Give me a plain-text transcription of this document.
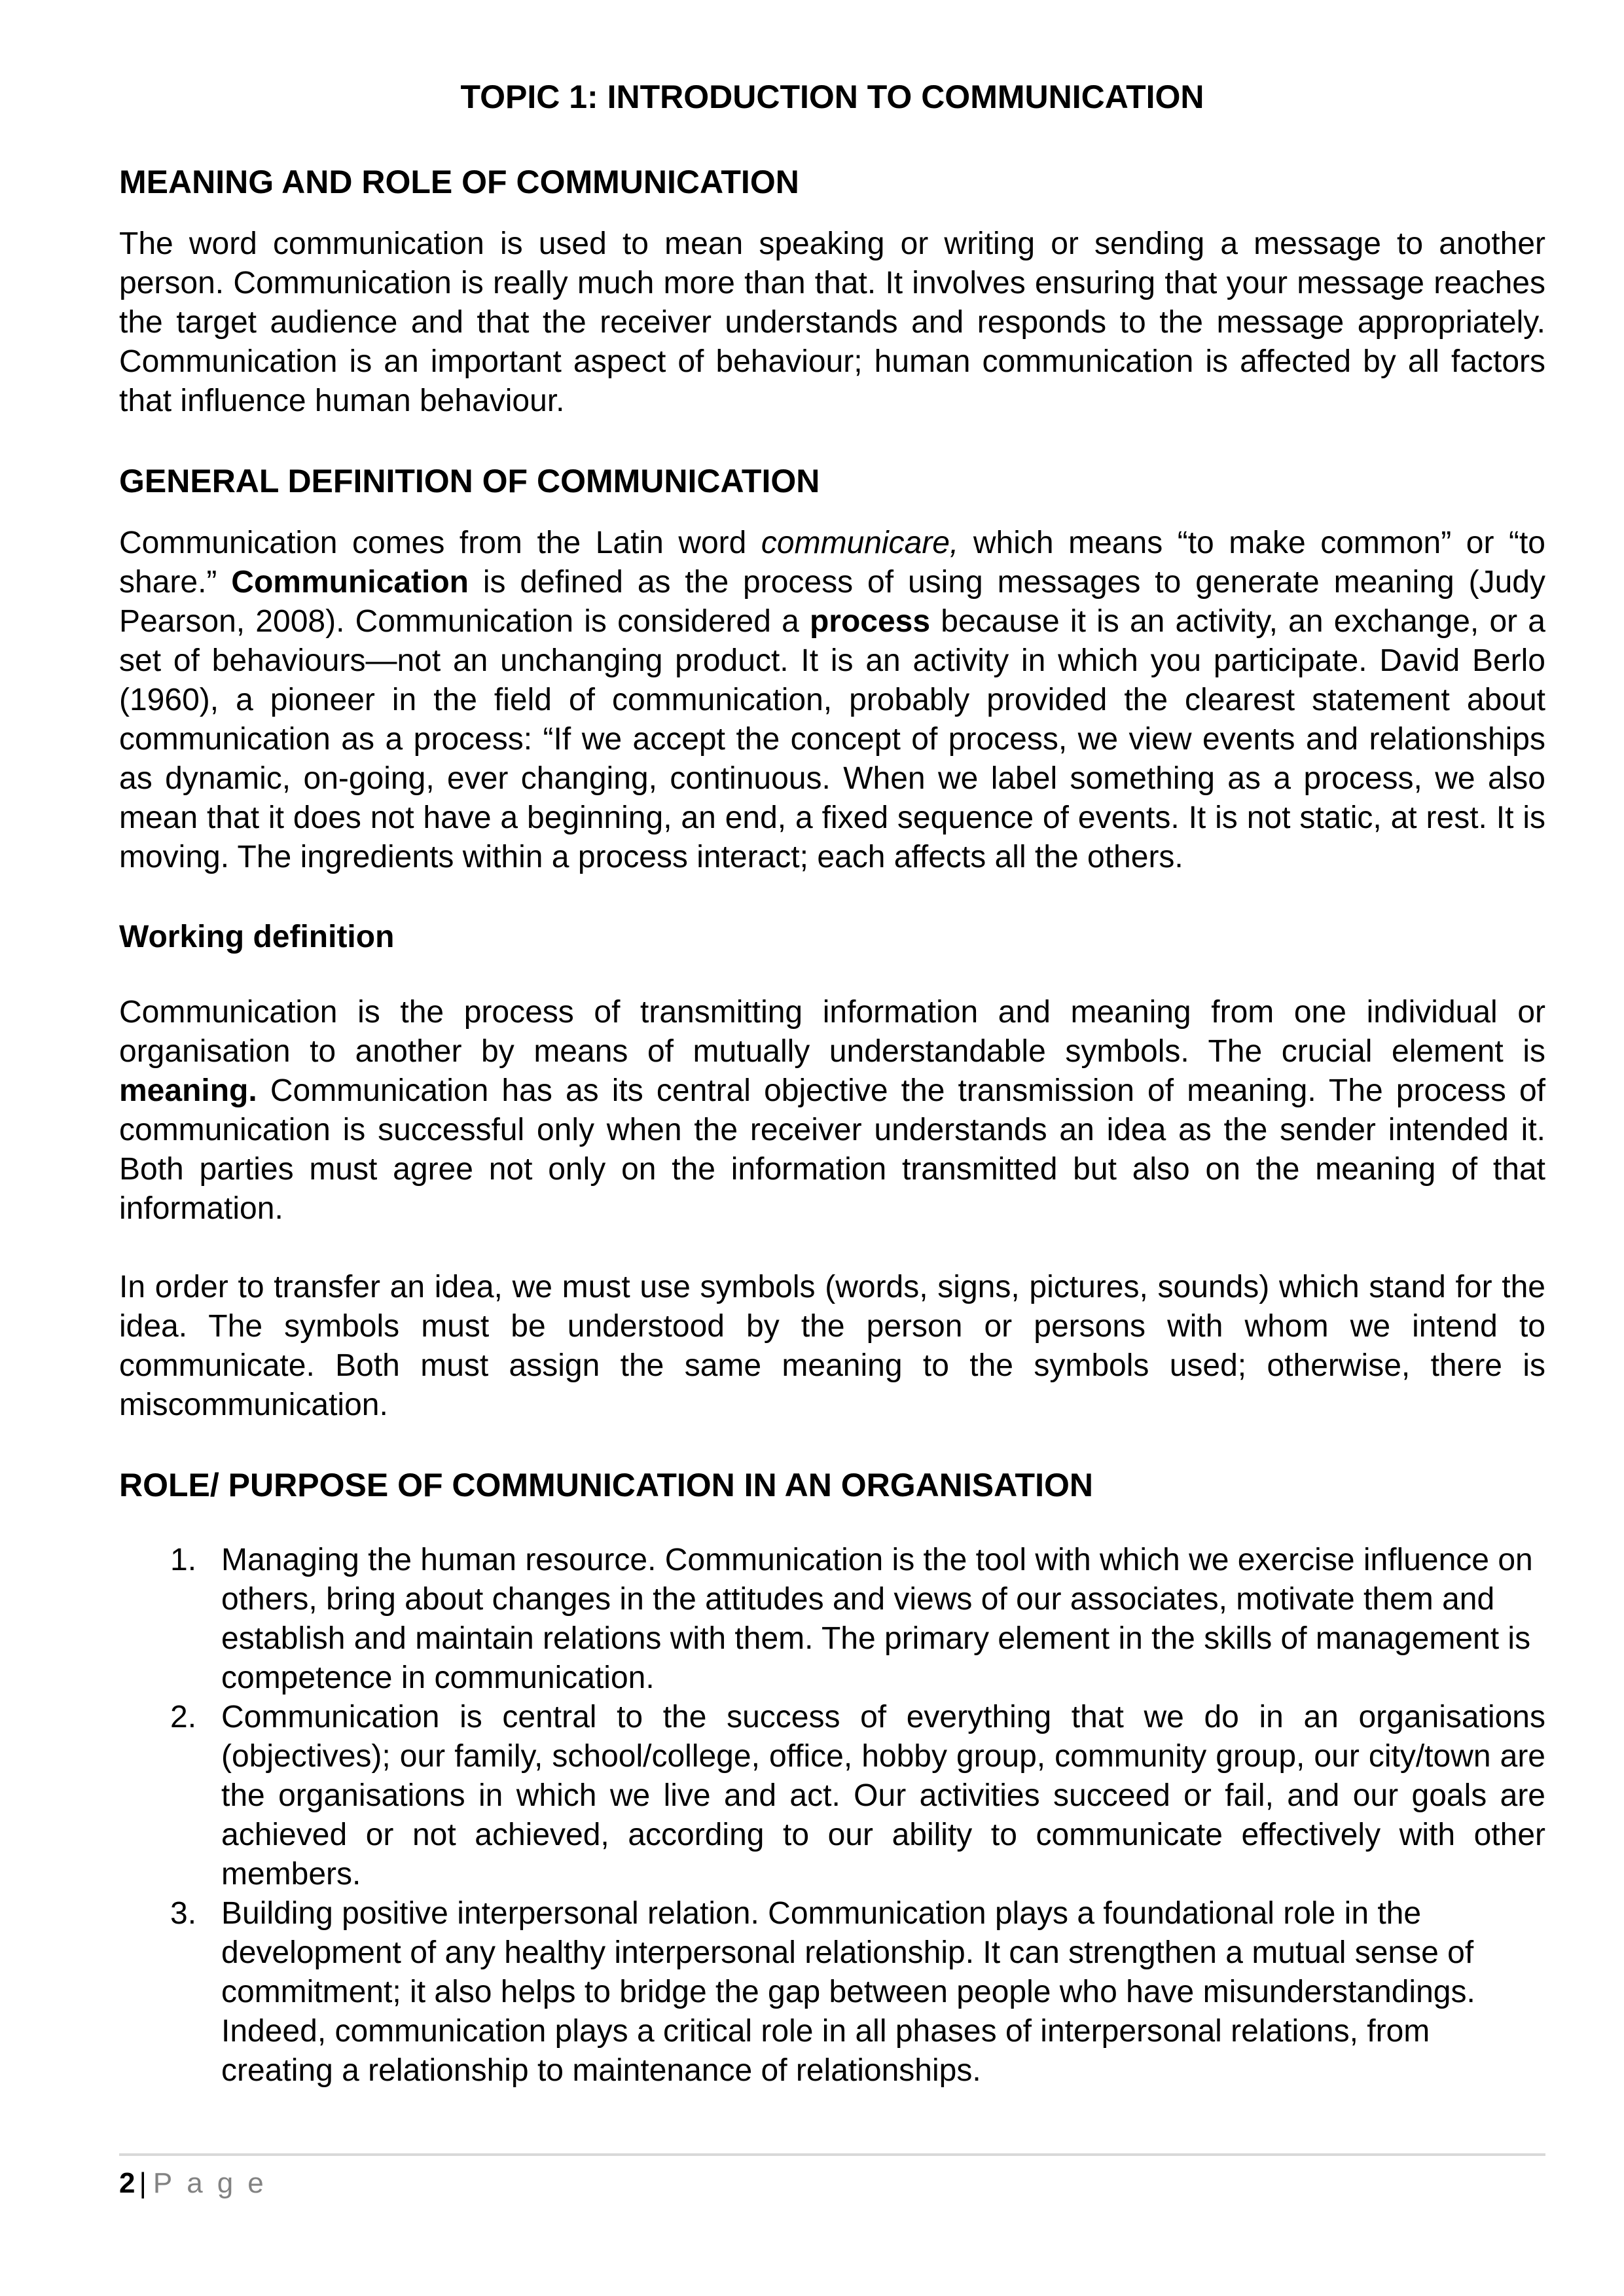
TOPIC 1: INTRODUCTION TO COMMUNICATION
MEANING AND ROLE OF COMMUNICATION

The word communication is used to mean speaking or writing or sending a message to another person. Communication is really much more than that. It involves ensuring that your message reaches the target audience and that the receiver understands and responds to the message appropriately. Communication is an important aspect of behaviour; human communication is affected by all factors that influence human behaviour.

GENERAL DEFINITION OF COMMUNICATION

Communication comes from the Latin word communicare, which means “to make common” or “to share.” Communication is defined as the process of using messages to generate meaning (Judy Pearson, 2008). Communication is considered a process because it is an activity, an exchange, or a set of behaviours—not an unchanging product. It is an activity in which you participate. David Berlo (1960), a pioneer in the field of communication, probably provided the clearest statement about communication as a process: “If we accept the concept of process, we view events and relationships as dynamic, on-going, ever changing, continuous. When we label something as a process, we also mean that it does not have a beginning, an end, a fixed sequence of events. It is not static, at rest. It is moving. The ingredients within a process interact; each affects all the others.

Working definition

Communication is the process of transmitting information and meaning from one individual or organisation to another by means of mutually understandable symbols. The crucial element is meaning. Communication has as its central objective the transmission of meaning. The process of communication is successful only when the receiver understands an idea as the sender intended it. Both parties must agree not only on the information transmitted but also on the meaning of that information.

In order to transfer an idea, we must use symbols (words, signs, pictures, sounds) which stand for the idea. The symbols must be understood by the person or persons with whom we intend to communicate. Both must assign the same meaning to the symbols used; otherwise, there is miscommunication.

ROLE/ PURPOSE OF COMMUNICATION IN AN ORGANISATION
1. Managing the human resource. Communication is the tool with which we exercise influence on others, bring about changes in the attitudes and views of our associates, motivate them and establish and maintain relations with them. The primary element in the skills of management is competence in communication.
2. Communication is central to the success of everything that we do in an organisations (objectives); our family, school/college, office, hobby group, community group, our city/town are the organisations in which we live and act. Our activities succeed or fail, and our goals are achieved or not achieved, according to our ability to communicate effectively with other members.
3. Building positive interpersonal relation. Communication plays a foundational role in the development of any healthy interpersonal relationship. It can strengthen a mutual sense of commitment; it also helps to bridge the gap between people who have misunderstandings. Indeed, communication plays a critical role in all phases of interpersonal relations, from creating a relationship to maintenance of relationships.
2 | Page
